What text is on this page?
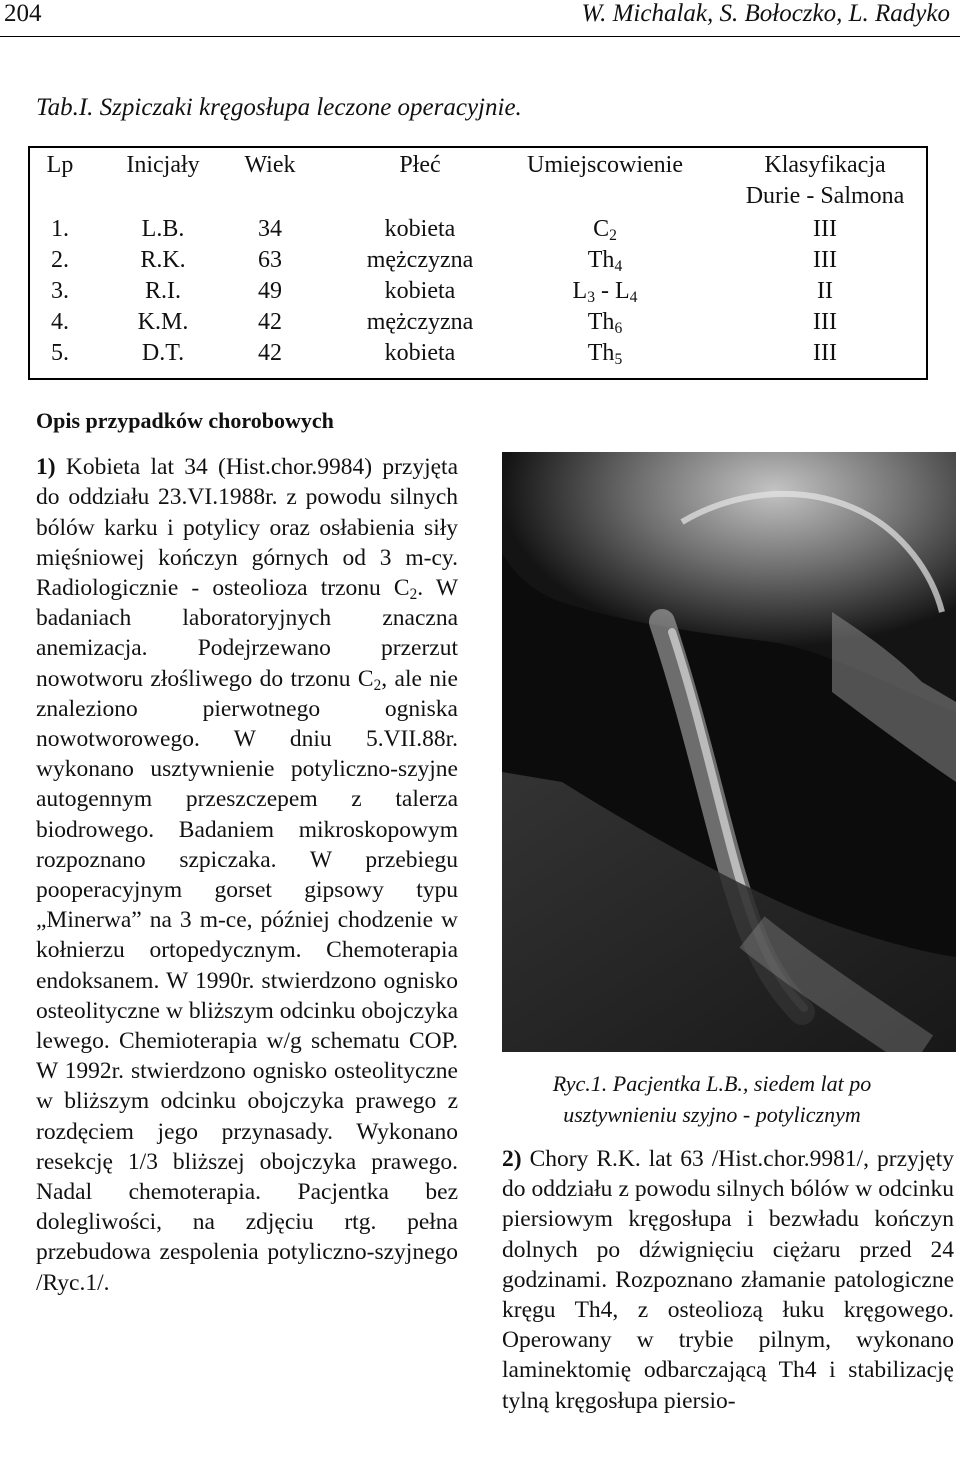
204	W. Michalak, S. Bołoczko, L. Radyko
Tab.I. Szpiczaki kręgosłupa leczone operacyjnie.
Lp	Inicjały	Wiek	Płeć	Umiejscowienie	Klasyfikacja
Durie - Salmona
1.	L.B.	34	kobieta	$C_2$	III
2.	R.K.	63	mężczyzna	$Th_4$	III
3.	R.I.	49	kobieta	$L_3 - L_4$	II
4.	K.M.	42	mężczyzna	$Th_6$	III
5.	D.T.	42	kobieta	$Th_5$	III
Opis przypadków chorobowych

1) Kobieta lat 34 (Hist.chor.9984) przyjęta do oddziału 23.VI.1988r. z powodu silnych bólów karku i potylicy oraz osłabienia siły mięśniowej kończyn górnych od 3 m-cy. Radiologicznie - osteolioza trzonu $C_2$. W badaniach laboratoryjnych znaczna anemizacja. Podejrzewano przerzut nowotworu złośliwego do trzonu $C_2$, ale nie znaleziono pierwotnego ogniska nowotworowego. W dniu 5.VII.88r. wykonano usztywnienie potyliczno-szyjne autogennym przeszczepem z talerza biodrowego. Badaniem mikroskopowym rozpoznano szpiczaka. W przebiegu pooperacyjnym gorset gipsowy typu „Minerwa” na 3 m-ce, później chodzenie w kołnierzu ortopedycznym. Chemoterapia endoksanem. W 1990r. stwierdzono ognisko osteolityczne w bliższym odcinku obojczyka lewego. Chemioterapia w/g schematu COP. W 1992r. stwierdzono ognisko osteolityczne w bliższym odcinku obojczyka prawego z rozdęciem jego przynasady. Wykonano resekcję 1/3 bliższej obojczyka prawego. Nadal chemoterapia. Pacjentka bez dolegliwości, na zdjęciu rtg. pełna przebudowa zespolenia potyliczno-szyjnego /Ryc.1/.

Ryc.1. Pacjentka L.B., siedem lat po
usztywnieniu szyjno - potylicznym

2) Chory R.K. lat 63 /Hist.chor.9981/, przyjęty do oddziału z powodu silnych bólów w odcinku piersiowym kręgosłupa i bezwładu kończyn dolnych po dźwignięciu ciężaru przed 24 godzinami. Rozpoznano złamanie patologiczne kręgu Th4, z osteoliozą łuku kręgowego. Operowany w trybie pilnym, wykonano laminektomię odbarczającą Th4 i stabilizację tylną kręgosłupa piersio-
